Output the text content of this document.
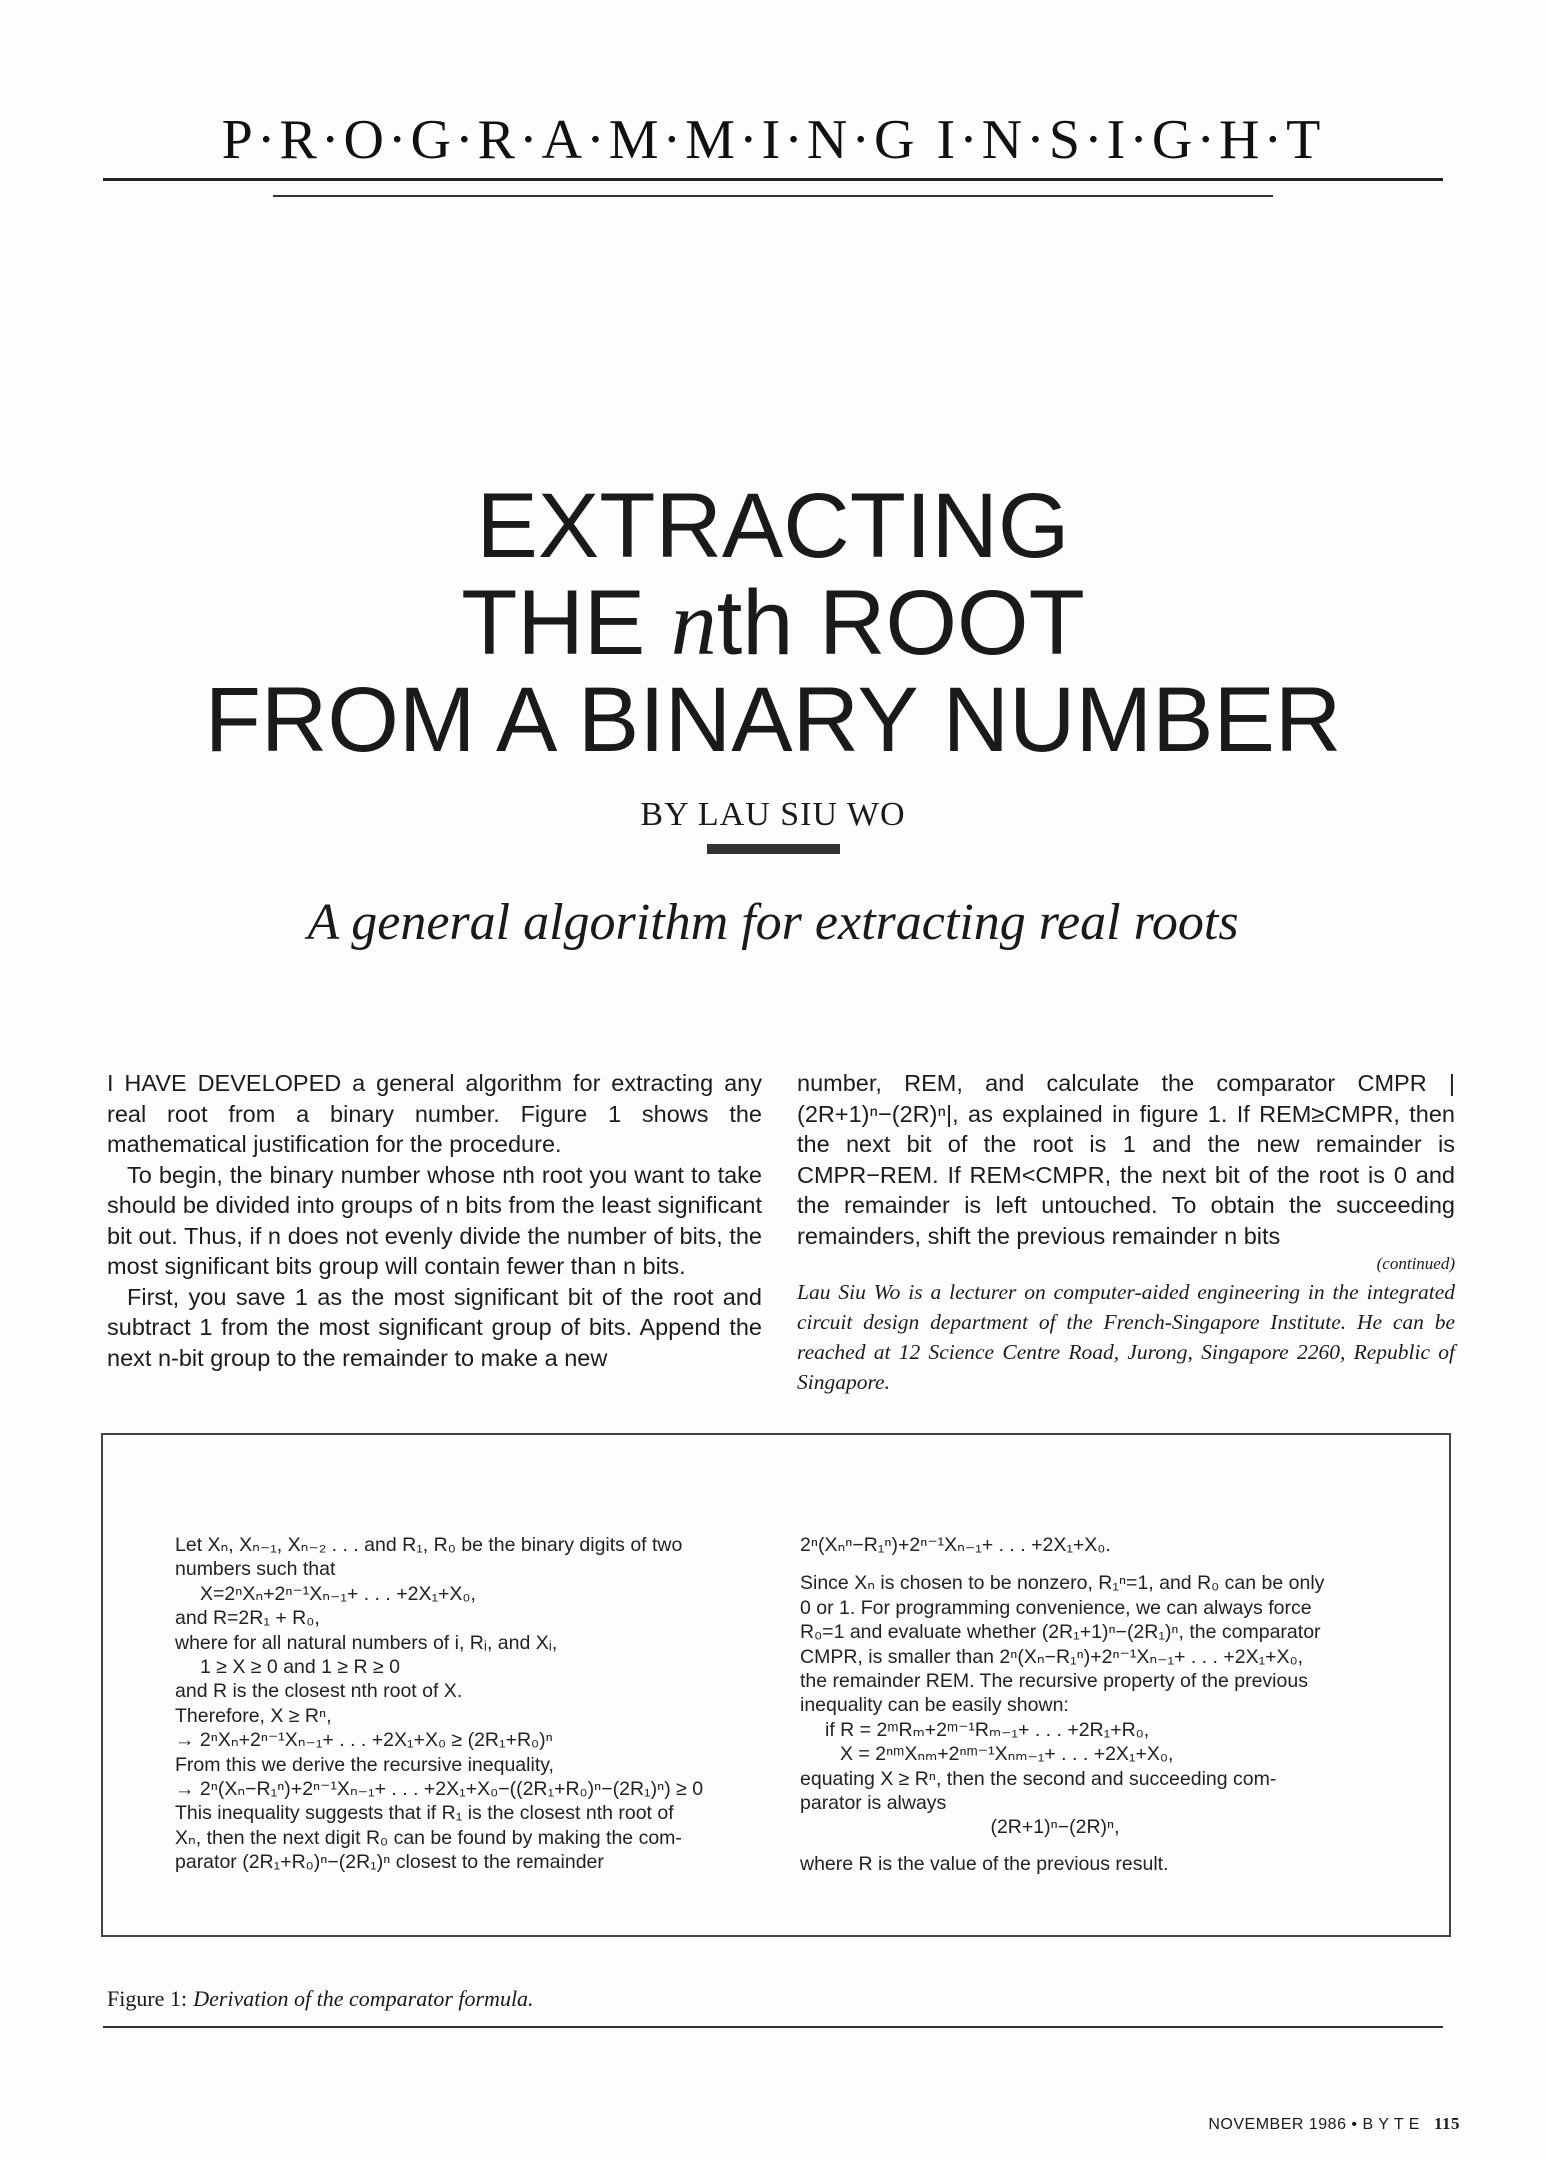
P·R·O·G·R·A·M·M·I·N·G I·N·S·I·G·H·T
EXTRACTING
THE nth ROOT
FROM A BINARY NUMBER
BY LAU SIU WO
A general algorithm for extracting real roots

I HAVE DEVELOPED a general algorithm for extracting any real root from a binary number. Figure 1 shows the mathematical justification for the procedure.

To begin, the binary number whose nth root you want to take should be divided into groups of n bits from the least significant bit out. Thus, if n does not evenly divide the number of bits, the most significant bits group will contain fewer than n bits.

First, you save 1 as the most significant bit of the root and subtract 1 from the most significant group of bits. Append the next n-bit group to the remainder to make a new

number, REM, and calculate the comparator CMPR |(2R+1)ⁿ−(2R)ⁿ|, as explained in figure 1. If REM≥CMPR, then the next bit of the root is 1 and the new remainder is CMPR−REM. If REM<CMPR, the next bit of the root is 0 and the remainder is left untouched. To obtain the succeeding remainders, shift the previous remainder n bits

(continued)
Lau Siu Wo is a lecturer on computer-aided engineering in the integrated circuit design department of the French-Singapore Institute. He can be reached at 12 Science Centre Road, Jurong, Singapore 2260, Republic of Singapore.
Let Xₙ, Xₙ₋₁, Xₙ₋₂ . . . and R₁, R₀ be the binary digits of two
numbers such that
X=2ⁿXₙ+2ⁿ⁻¹Xₙ₋₁+ . . . +2X₁+X₀,
and R=2R₁ + R₀,
where for all natural numbers of i, Rᵢ, and Xᵢ,
1 ≥ X ≥ 0 and 1 ≥ R ≥ 0
and R is the closest nth root of X.
Therefore, X ≥ Rⁿ,
→ 2ⁿXₙ+2ⁿ⁻¹Xₙ₋₁+ . . . +2X₁+X₀ ≥ (2R₁+R₀)ⁿ
From this we derive the recursive inequality,
→ 2ⁿ(Xₙ−R₁ⁿ)+2ⁿ⁻¹Xₙ₋₁+ . . . +2X₁+X₀−((2R₁+R₀)ⁿ−(2R₁)ⁿ) ≥ 0
This inequality suggests that if R₁ is the closest nth root of
Xₙ, then the next digit R₀ can be found by making the com-
parator (2R₁+R₀)ⁿ−(2R₁)ⁿ closest to the remainder
2ⁿ(Xₙⁿ−R₁ⁿ)+2ⁿ⁻¹Xₙ₋₁+ . . . +2X₁+X₀.
Since Xₙ is chosen to be nonzero, R₁ⁿ=1, and R₀ can be only
0 or 1. For programming convenience, we can always force
R₀=1 and evaluate whether (2R₁+1)ⁿ−(2R₁)ⁿ, the comparator
CMPR, is smaller than 2ⁿ(Xₙ−R₁ⁿ)+2ⁿ⁻¹Xₙ₋₁+ . . . +2X₁+X₀,
the remainder REM. The recursive property of the previous
inequality can be easily shown:
if R = 2ᵐRₘ+2ᵐ⁻¹Rₘ₋₁+ . . . +2R₁+R₀,
X = 2ⁿᵐXₙₘ+2ⁿᵐ⁻¹Xₙₘ₋₁+ . . . +2X₁+X₀,
equating X ≥ Rⁿ, then the second and succeeding com-
parator is always
(2R+1)ⁿ−(2R)ⁿ,
where R is the value of the previous result.
Figure 1: Derivation of the comparator formula.
NOVEMBER 1986 • B Y T E 115
